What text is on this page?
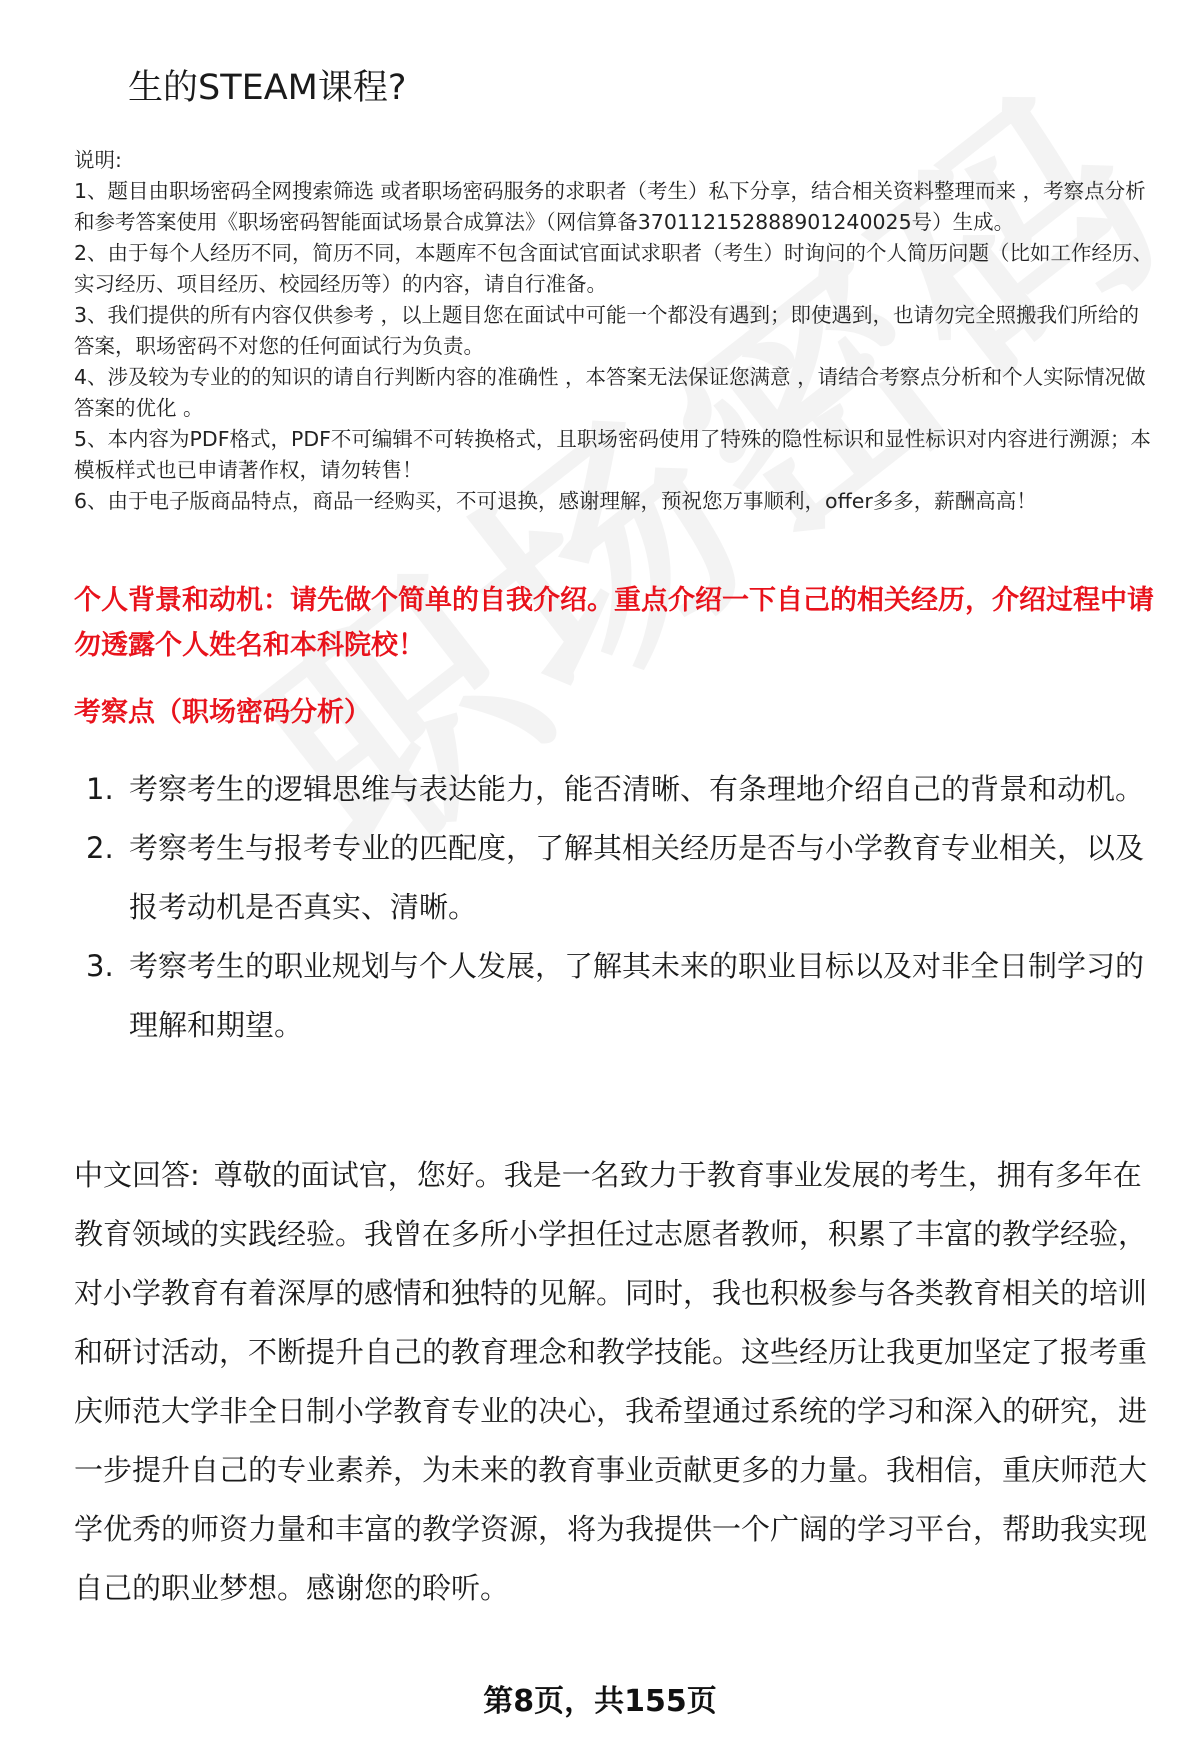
生的STEAM课程?

说明:

1、题目由职场密码全网搜索筛选 或者职场密码服务的求职者（考生）私下分享，结合相关资料整理而来 ，考察点分析和参考答案使用《职场密码智能面试场景合成算法》（网信算备370112152888901240025号）生成。

2、由于每个人经历不同，简历不同，本题库不包含面试官面试求职者（考生）时询问的个人简历问题（比如工作经历、实习经历、项目经历、校园经历等）的内容，请自行准备。

3、我们提供的所有内容仅供参考 ，以上题目您在面试中可能一个都没有遇到；即使遇到，也请勿完全照搬我们所给的答案，职场密码不对您的任何面试行为负责。

4、涉及较为专业的的知识的请自行判断内容的准确性 ，本答案无法保证您满意 ，请结合考察点分析和个人实际情况做答案的优化 。

5、本内容为PDF格式，PDF不可编辑不可转换格式，且职场密码使用了特殊的隐性标识和显性标识对内容进行溯源；本模板样式也已申请著作权，请勿转售！

6、由于电子版商品特点，商品一经购买，不可退换，感谢理解，预祝您万事顺利，offer多多，薪酬高高！

个人背景和动机：请先做个简单的自我介绍。重点介绍一下自己的相关经历，介绍过程中请勿透露个人姓名和本科院校！
考察点（职场密码分析）
1. 考察考生的逻辑思维与表达能力，能否清晰、有条理地介绍自己的背景和动机。
2. 考察考生与报考专业的匹配度，了解其相关经历是否与小学教育专业相关，以及报考动机是否真实、清晰。
3. 考察考生的职业规划与个人发展，了解其未来的职业目标以及对非全日制学习的理解和期望。

中文回答: 尊敬的面试官，您好。我是一名致力于教育事业发展的考生，拥有多年在教育领域的实践经验。我曾在多所小学担任过志愿者教师，积累了丰富的教学经验，对小学教育有着深厚的感情和独特的见解。同时，我也积极参与各类教育相关的培训和研讨活动，不断提升自己的教育理念和教学技能。这些经历让我更加坚定了报考重庆师范大学非全日制小学教育专业的决心，我希望通过系统的学习和深入的研究，进一步提升自己的专业素养，为未来的教育事业贡献更多的力量。我相信，重庆师范大学优秀的师资力量和丰富的教学资源，将为我提供一个广阔的学习平台，帮助我实现自己的职业梦想。感谢您的聆听。

第8页，共155页
